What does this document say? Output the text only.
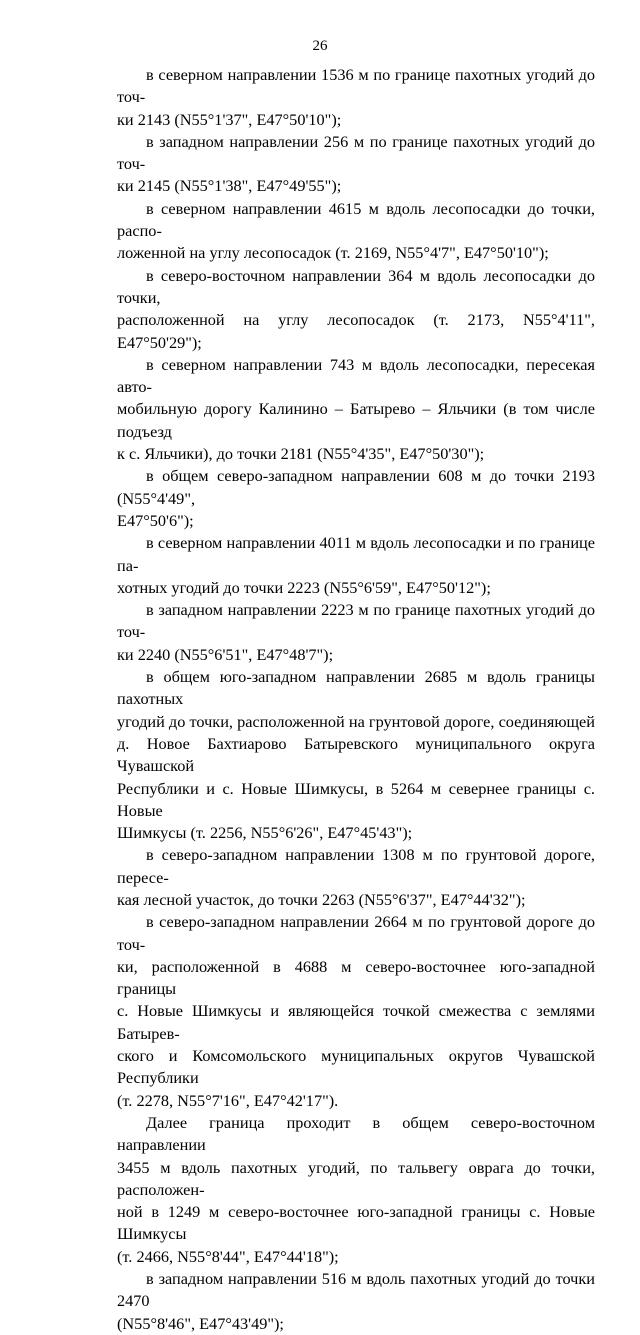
26

в северном направлении 1536 м по границе пахотных угодий до точ-
ки 2143 (N55°1'37", E47°50'10");

в западном направлении 256 м по границе пахотных угодий до точ-
ки 2145 (N55°1'38", E47°49'55");

в северном направлении 4615 м вдоль лесопосадки до точки, распо-
ложенной на углу лесопосадок (т. 2169, N55°4'7", E47°50'10");

в северо-восточном направлении 364 м вдоль лесопосадки до точки,
расположенной на углу лесопосадок (т. 2173, N55°4'11", E47°50'29");

в северном направлении 743 м вдоль лесопосадки, пересекая авто-
мобильную дорогу Калинино – Батырево – Яльчики (в том числе подъезд
к с. Яльчики), до точки 2181 (N55°4'35", E47°50'30");

в общем северо-западном направлении 608 м до точки 2193 (N55°4'49",
E47°50'6");

в северном направлении 4011 м вдоль лесопосадки и по границе па-
хотных угодий до точки 2223 (N55°6'59", E47°50'12");

в западном направлении 2223 м по границе пахотных угодий до точ-
ки 2240 (N55°6'51", E47°48'7");

в общем юго-западном направлении 2685 м вдоль границы пахотных
угодий до точки, расположенной на грунтовой дороге, соединяющей
д. Новое Бахтиарово Батыревского муниципального округа Чувашской
Республики и с. Новые Шимкусы, в 5264 м севернее границы с. Новые
Шимкусы (т. 2256, N55°6'26", E47°45'43");

в северо-западном направлении 1308 м по грунтовой дороге, пересе-
кая лесной участок, до точки 2263 (N55°6'37", E47°44'32");

в северо-западном направлении 2664 м по грунтовой дороге до точ-
ки, расположенной в 4688 м северо-восточнее юго-западной границы
с. Новые Шимкусы и являющейся точкой смежества с землями Батырев-
ского и Комсомольского муниципальных округов Чувашской Республики
(т. 2278, N55°7'16", E47°42'17").

Далее граница проходит в общем северо-восточном направлении
3455 м вдоль пахотных угодий, по тальвегу оврага до точки, расположен-
ной в 1249 м северо-восточнее юго-западной границы с. Новые Шимкусы
(т. 2466, N55°8'44", E47°44'18");

в западном направлении 516 м вдоль пахотных угодий до точки 2470
(N55°8'46", E47°43'49");
